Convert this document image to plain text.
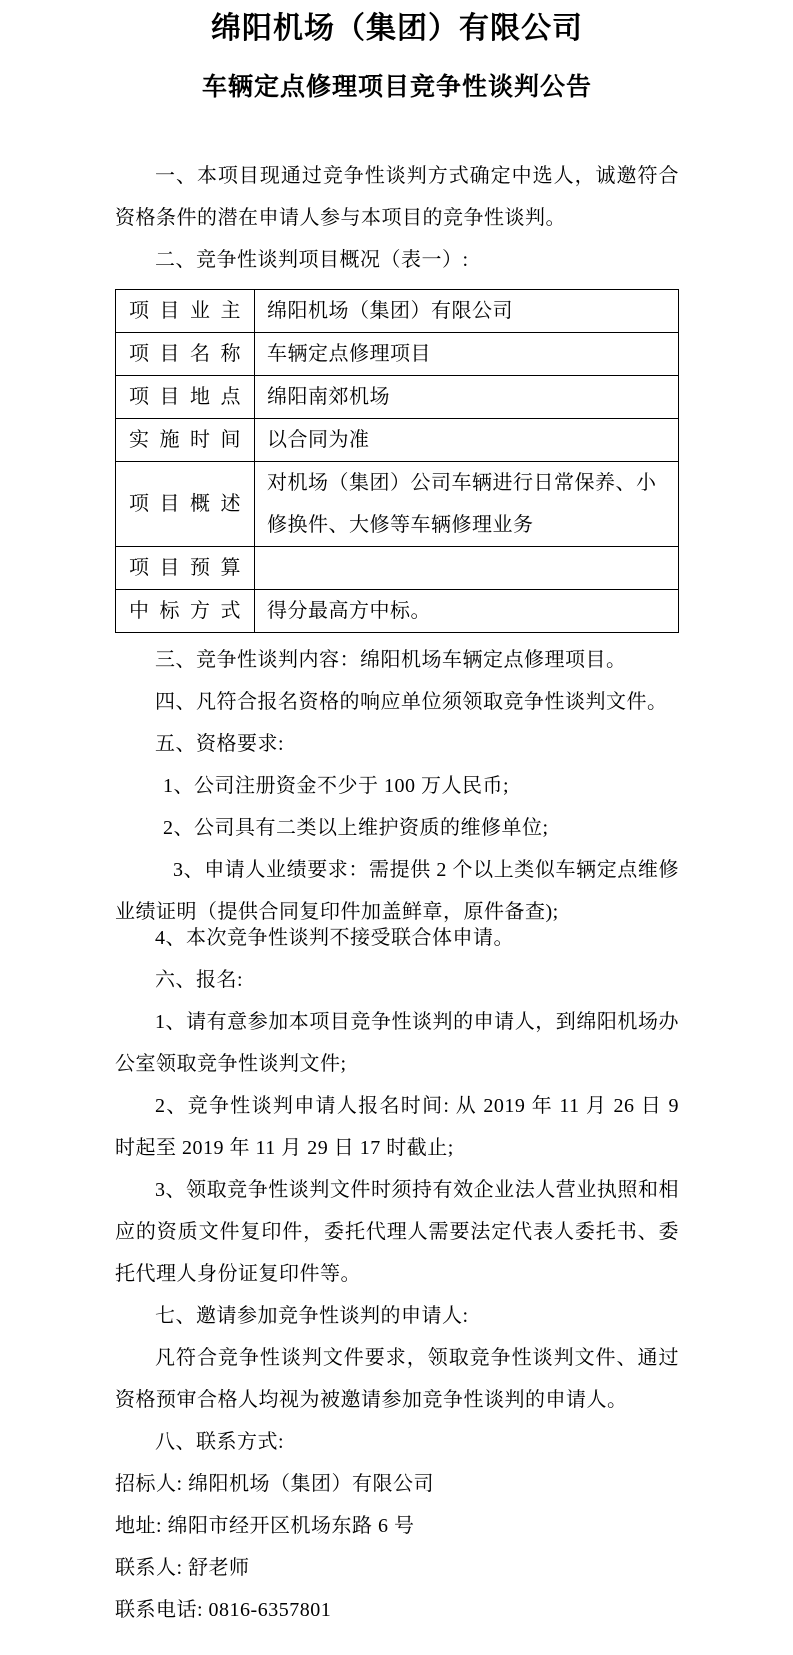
绵阳机场（集团）有限公司
车辆定点修理项目竞争性谈判公告

一、本项目现通过竞争性谈判方式确定中选人，诚邀符合资格条件的潜在申请人参与本项目的竞争性谈判。

二、竞争性谈判项目概况（表一）:

项目业主	绵阳机场（集团）有限公司
项目名称	车辆定点修理项目
项目地点	绵阳南郊机场
实施时间	以合同为准
项目概述	对机场（集团）公司车辆进行日常保养、小修换件、大修等车辆修理业务
项目预算	
中标方式	得分最高方中标。

三、竞争性谈判内容：绵阳机场车辆定点修理项目。

四、凡符合报名资格的响应单位须领取竞争性谈判文件。

五、资格要求:

1、公司注册资金不少于 100 万人民币;

2、公司具有二类以上维护资质的维修单位;

3、申请人业绩要求：需提供 2 个以上类似车辆定点维修业绩证明（提供合同复印件加盖鲜章，原件备查);

4、本次竞争性谈判不接受联合体申请。

六、报名:

1、请有意参加本项目竞争性谈判的申请人，到绵阳机场办公室领取竞争性谈判文件;

2、竞争性谈判申请人报名时间: 从 2019 年 11 月 26 日 9 时起至 2019 年 11 月 29 日 17 时截止;

3、领取竞争性谈判文件时须持有效企业法人营业执照和相应的资质文件复印件，委托代理人需要法定代表人委托书、委托代理人身份证复印件等。

七、邀请参加竞争性谈判的申请人:

凡符合竞争性谈判文件要求，领取竞争性谈判文件、通过资格预审合格人均视为被邀请参加竞争性谈判的申请人。

八、联系方式:

招标人: 绵阳机场（集团）有限公司

地址: 绵阳市经开区机场东路 6 号

联系人: 舒老师

联系电话: 0816-6357801
